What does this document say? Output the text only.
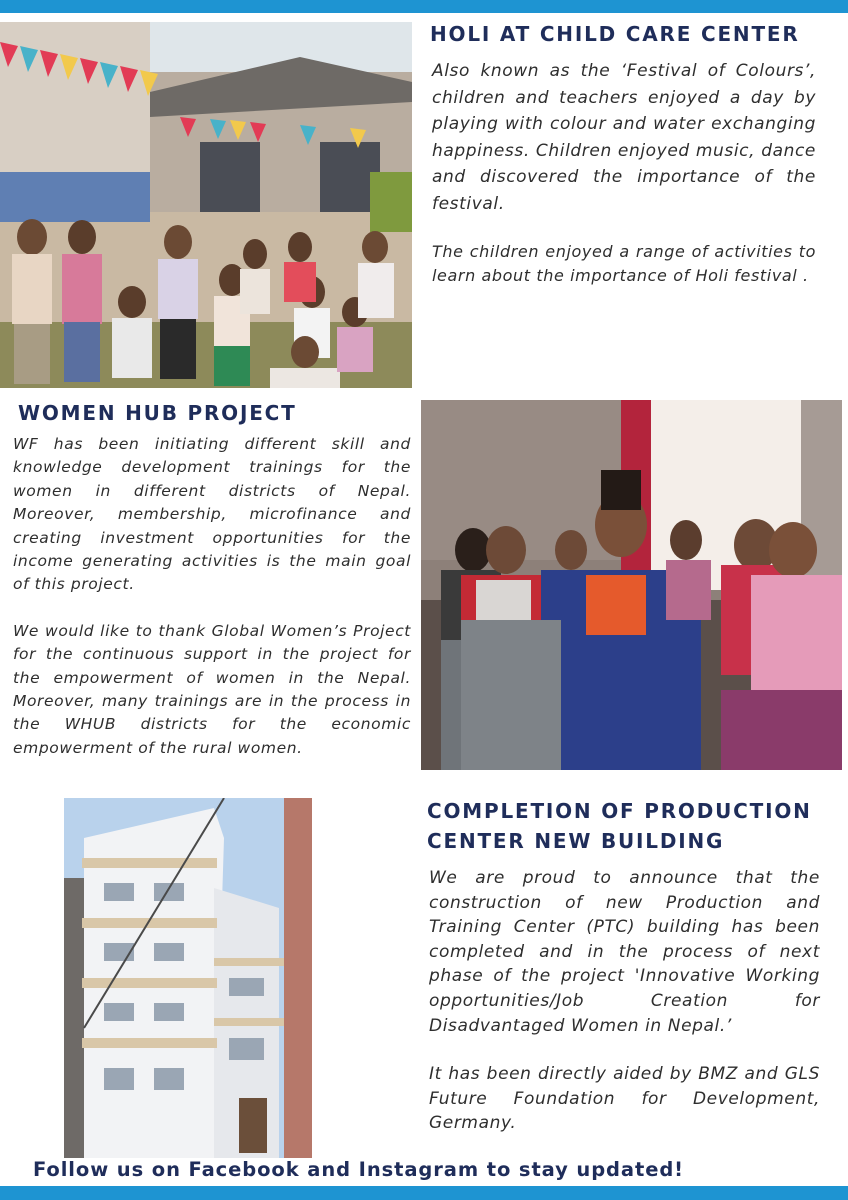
HOLI AT CHILD CARE CENTER

Also known as the ‘Festival of Colours’, children and teachers enjoyed a day by playing with colour and water exchanging happiness. Children enjoyed music, dance and discovered the importance of the festival.

The children enjoyed a range of activities to learn about the importance of Holi festival .

WOMEN HUB PROJECT

WF has been initiating different skill and knowledge development trainings for the women in different districts of Nepal. Moreover, membership, microfinance and creating investment opportunities for the income generating activities is the main goal of this project.

We would like to thank Global Women’s Project for the continuous support in the project for the empowerment of women in the Nepal. Moreover, many trainings are in the process in the WHUB districts for the economic empowerment of the rural women.

COMPLETION OF PRODUCTION
CENTER NEW BUILDING

We are proud to announce that the construction of new Production and Training Center (PTC) building has been completed and in the process of next phase of the project 'Innovative Working opportunities/Job Creation for Disadvantaged Women in Nepal.’

It has been directly aided by BMZ and GLS Future Foundation for Development, Germany.

Follow us on Facebook and Instagram to stay updated!
